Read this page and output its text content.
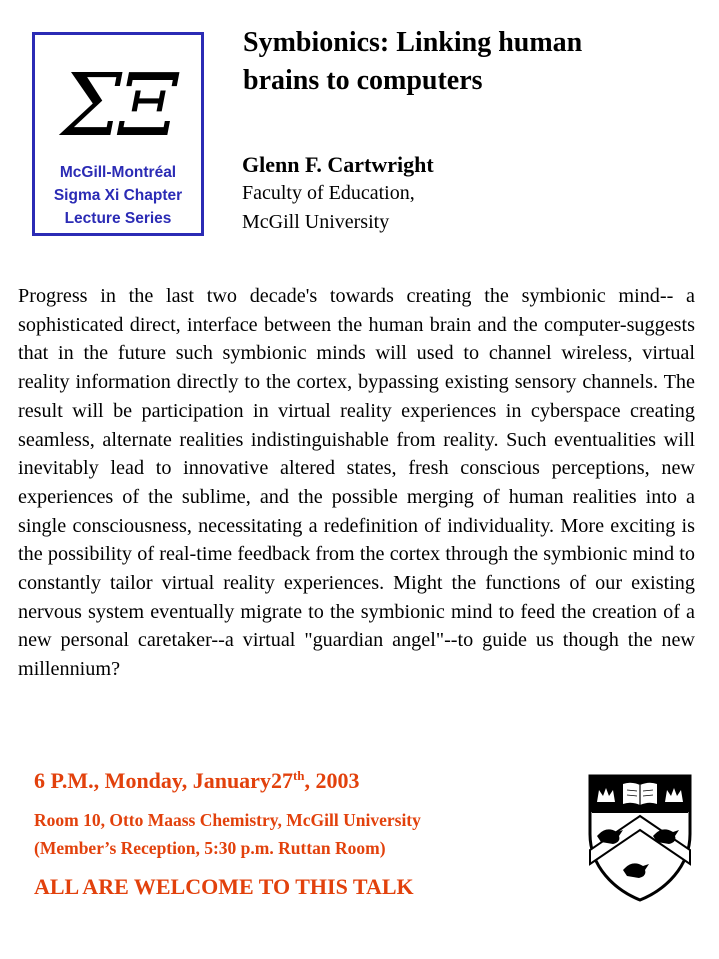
ΣΞ
McGill-Montréal
Sigma Xi Chapter
Lecture Series
Symbionics: Linking human
brains to computers
Glenn F. Cartwright
Faculty of Education,
McGill University
Progress in the last two decade's towards creating the symbionic mind-- a sophisticated direct, interface between the human brain and the computer-suggests that in the future such symbionic minds will used to channel wireless, virtual reality information directly to the cortex, bypassing existing sensory channels. The result will be participation in virtual reality experiences in cyberspace creating seamless, alternate realities indistinguishable from reality. Such eventualities will inevitably lead to innovative altered states, fresh conscious perceptions, new experiences of the sublime, and the possible merging of human realities into a single consciousness, necessitating a redefinition of individuality. More exciting is the possibility of real-time feedback from the cortex through the symbionic mind to constantly tailor virtual reality experiences. Might the functions of our existing nervous system eventually migrate to the symbionic mind to feed the creation of a new personal caretaker--a virtual "guardian angel"--to guide us though the new millennium?
6 P.M., Monday, January27th, 2003
Room 10, Otto Maass Chemistry, McGill University
(Member’s Reception, 5:30 p.m. Ruttan Room)
ALL ARE WELCOME TO THIS TALK
